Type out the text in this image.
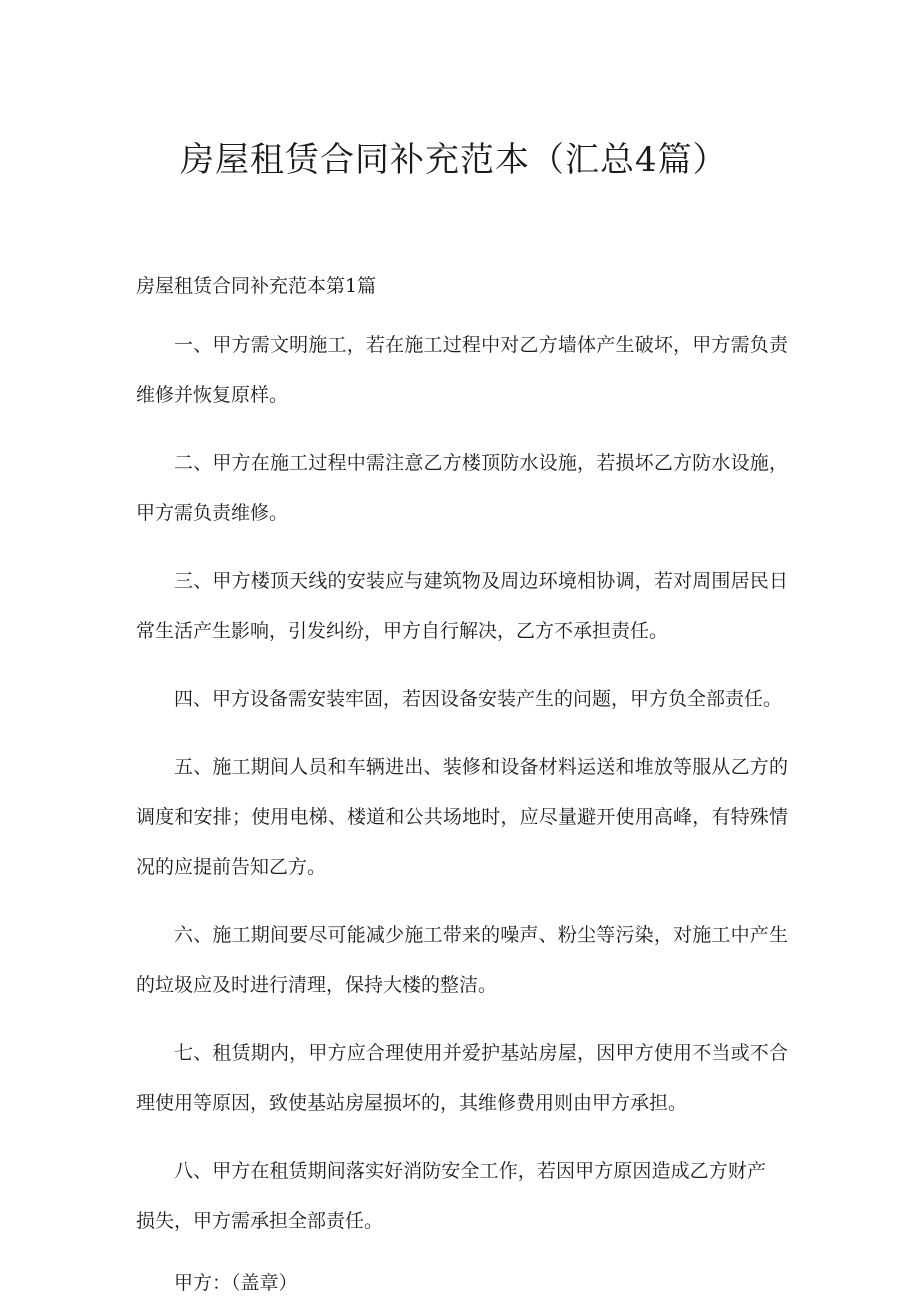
房屋租赁合同补充范本（汇总4篇）
房屋租赁合同补充范本第1篇

一、甲方需文明施工，若在施工过程中对乙方墙体产生破坏，甲方需负责维修并恢复原样。

二、甲方在施工过程中需注意乙方楼顶防水设施，若损坏乙方防水设施，甲方需负责维修。

三、甲方楼顶天线的安装应与建筑物及周边环境相协调，若对周围居民日常生活产生影响，引发纠纷，甲方自行解决，乙方不承担责任。

四、甲方设备需安装牢固，若因设备安装产生的问题，甲方负全部责任。

五、施工期间人员和车辆进出、装修和设备材料运送和堆放等服从乙方的调度和安排；使用电梯、楼道和公共场地时，应尽量避开使用高峰，有特殊情况的应提前告知乙方。

六、施工期间要尽可能减少施工带来的噪声、粉尘等污染，对施工中产生的垃圾应及时进行清理，保持大楼的整洁。

七、租赁期内，甲方应合理使用并爱护基站房屋，因甲方使用不当或不合理使用等原因，致使基站房屋损坏的，其维修费用则由甲方承担。

八、甲方在租赁期间落实好消防安全工作，若因甲方原因造成乙方财产损失，甲方需承担全部责任。

甲方：（盖章）
